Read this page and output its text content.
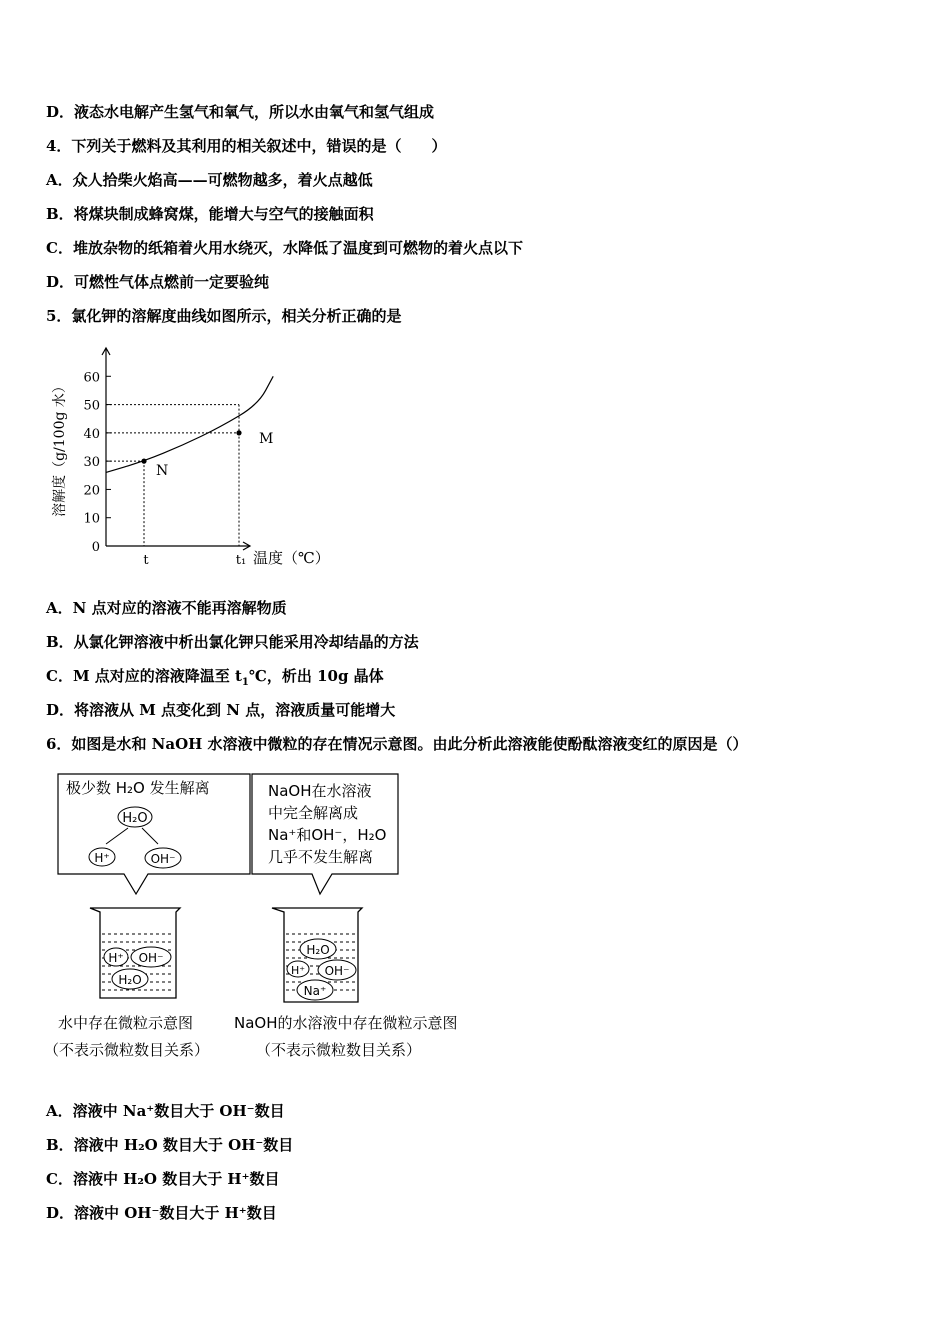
D．液态水电解产生氢气和氧气，所以水由氧气和氢气组成
4．下列关于燃料及其利用的相关叙述中，错误的是（　　）
A．众人拾柴火焰高——可燃物越多，着火点越低
B．将煤块制成蜂窝煤，能增大与空气的接触面积
C．堆放杂物的纸箱着火用水绕灭，水降低了温度到可燃物的着火点以下
D．可燃性气体点燃前一定要验纯
5．氯化钾的溶解度曲线如图所示，相关分析正确的是
溶解度（g/100g 水）
温度（℃）
0
10
20
30
40
50
60
t	t₁
N
M
A．N 点对应的溶液不能再溶解物质
B．从氯化钾溶液中析出氯化钾只能采用冷却结晶的方法
C．M 点对应的溶液降温至 $t_1℃$，析出 10g 晶体
D．将溶液从 M 点变化到 N 点，溶液质量可能增大
6．如图是水和 NaOH 水溶液中微粒的存在情况示意图。由此分析此溶液能使酚酞溶液变红的原因是（）
极少数 H₂O 发生解离
H₂O
H⁺	OH⁻
NaOH在水溶液
中完全解离成
Na⁺和OH⁻，H₂O
几乎不发生解离
H⁺ OH⁻
H₂O
H₂O
H⁺ OH⁻
Na⁺
水中存在微粒示意图
（不表示微粒数目关系）
NaOH的水溶液中存在微粒示意图
（不表示微粒数目关系）
A．溶液中 Na⁺数目大于 OH⁻数目
B．溶液中 H₂O 数目大于 OH⁻数目
C．溶液中 H₂O 数目大于 H⁺数目
D．溶液中 OH⁻数目大于 H⁺数目
